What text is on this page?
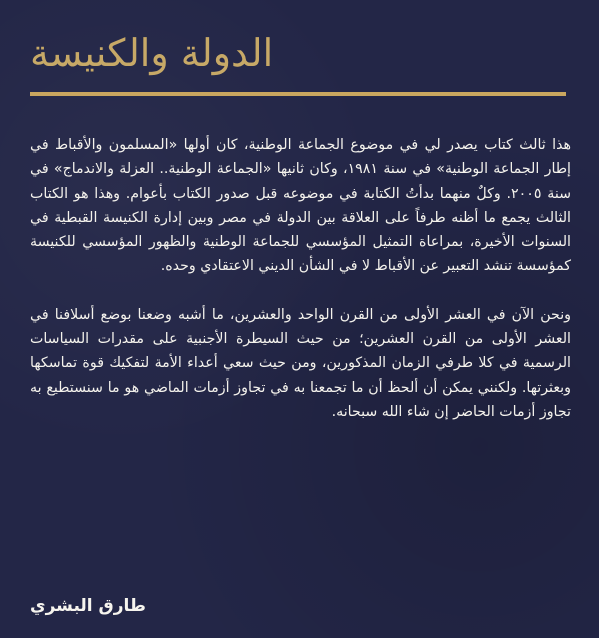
الدولة والكنيسة

هذا ثالث كتاب يصدر لي في موضوع الجماعة الوطنية، كان أولها «المسلمون والأقباط في إطار الجماعة الوطنية» في سنة ١٩٨١، وكان ثانيها «الجماعة الوطنية.. العزلة والاندماج» في سنة ٢٠٠٥. وكلٌ منهما بدأتُ الكتابة في موضوعه قبل صدور الكتاب بأعوام. وهذا هو الكتاب الثالث يجمع ما أظنه طرفاً على العلاقة بين الدولة في مصر وبين إدارة الكنيسة القبطية في السنوات الأخيرة، بمراعاة التمثيل المؤسسي للجماعة الوطنية والظهور المؤسسي للكنيسة كمؤسسة تنشد التعبير عن الأقباط لا في الشأن الديني الاعتقادي وحده.

ونحن الآن في العشر الأولى من القرن الواحد والعشرين، ما أشبه وضعنا بوضع أسلافنا في العشر الأولى من القرن العشرين؛ من حيث السيطرة الأجنبية على مقدرات السياسات الرسمية في كلا طرفي الزمان المذكورين، ومن حيث سعي أعداء الأمة لتفكيك قوة تماسكها وبعثرتها. ولكنني يمكن أن ألحظ أن ما تجمعنا به في تجاوز أزمات الماضي هو ما سنستطيع به تجاوز أزمات الحاضر إن شاء الله سبحانه.

طارق البشري
